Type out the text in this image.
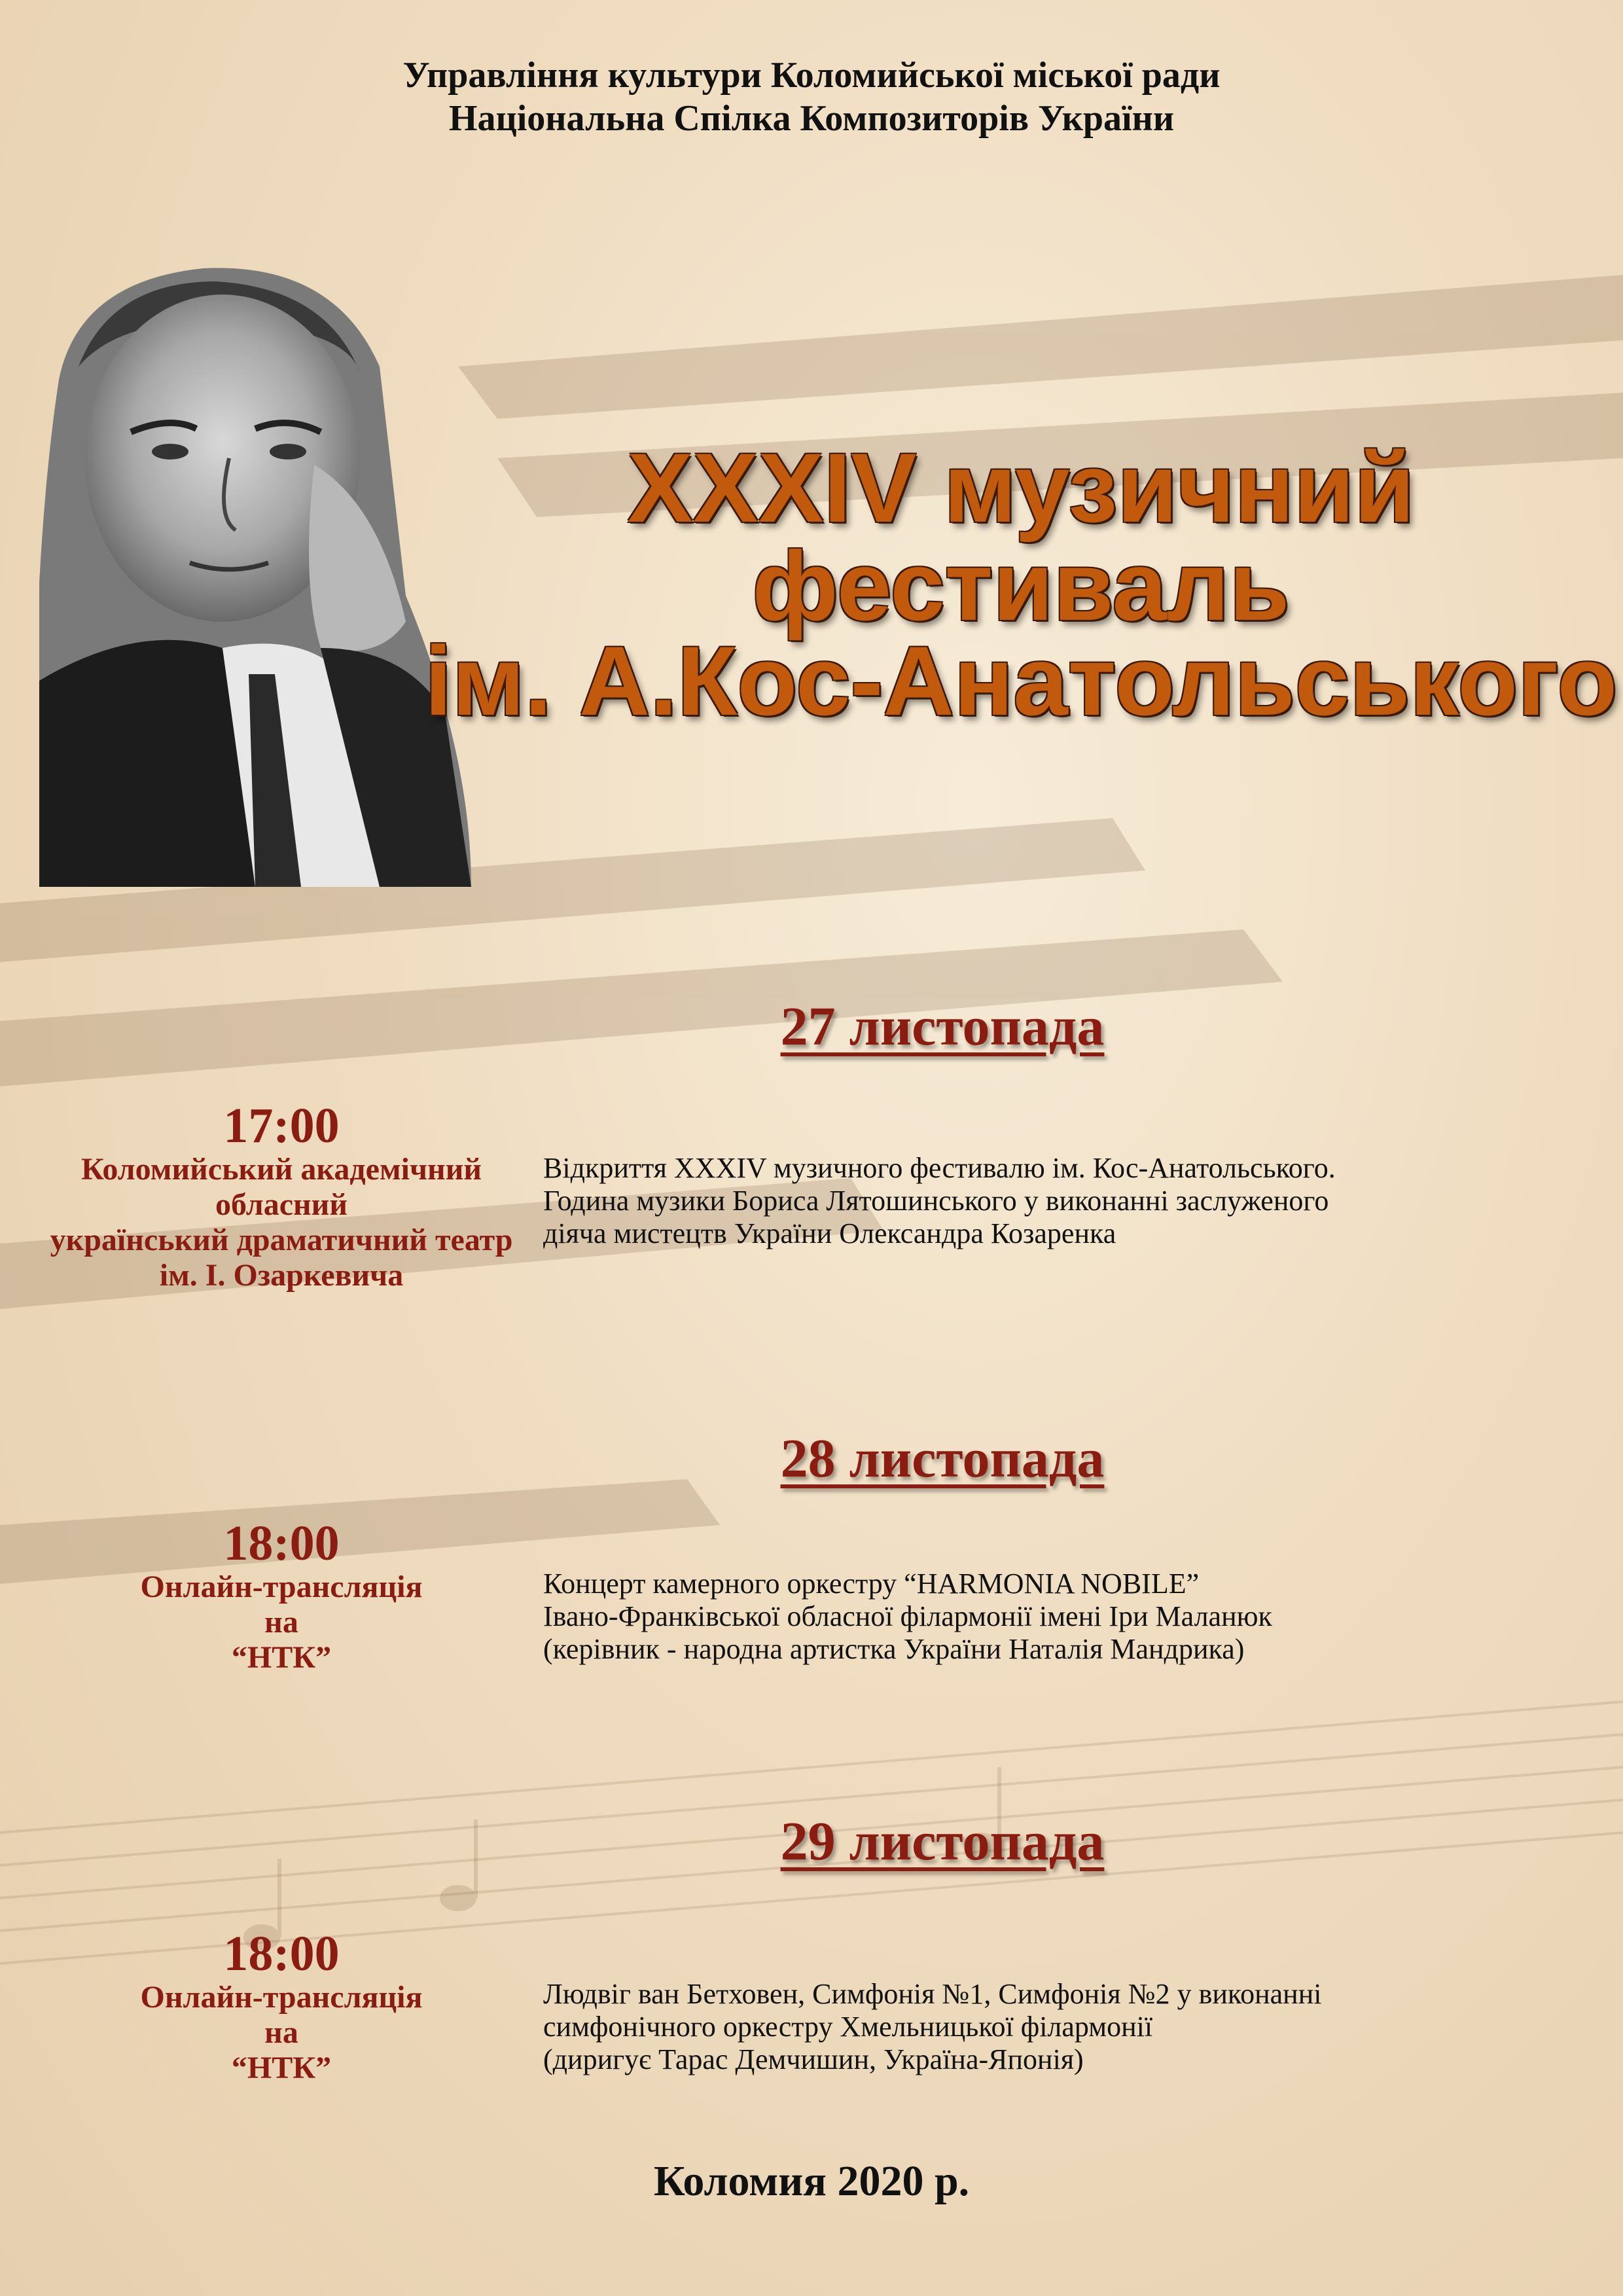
Управління культури Коломийської міської ради
Національна Спілка Композиторів України
XXXIV музичний
фестиваль
ім. А.Кос-Анатольського
27 листопада
17:00
Коломийський академічний
обласний
український драматичний театр
ім. І. Озаркевича
Відкриття XXXIV музичного фестивалю ім. Кос-Анатольського.
Година музики Бориса Лятошинського у виконанні заслуженого
діяча мистецтв України Олександра Козаренка
28 листопада
18:00
Онлайн-трансляція
на
“НТК”
Концерт камерного оркестру “HARMONIA NOBILE”
Івано-Франківської обласної філармонії імені Іри Маланюк
(керівник - народна артистка України Наталія Мандрика)
29 листопада
18:00
Онлайн-трансляція
на
“НТК”
Людвіг ван Бетховен, Симфонія №1, Симфонія №2 у виконанні
симфонічного оркестру Хмельницької філармонії
(диригує Тарас Демчишин, Україна-Японія)
Коломия 2020 р.
